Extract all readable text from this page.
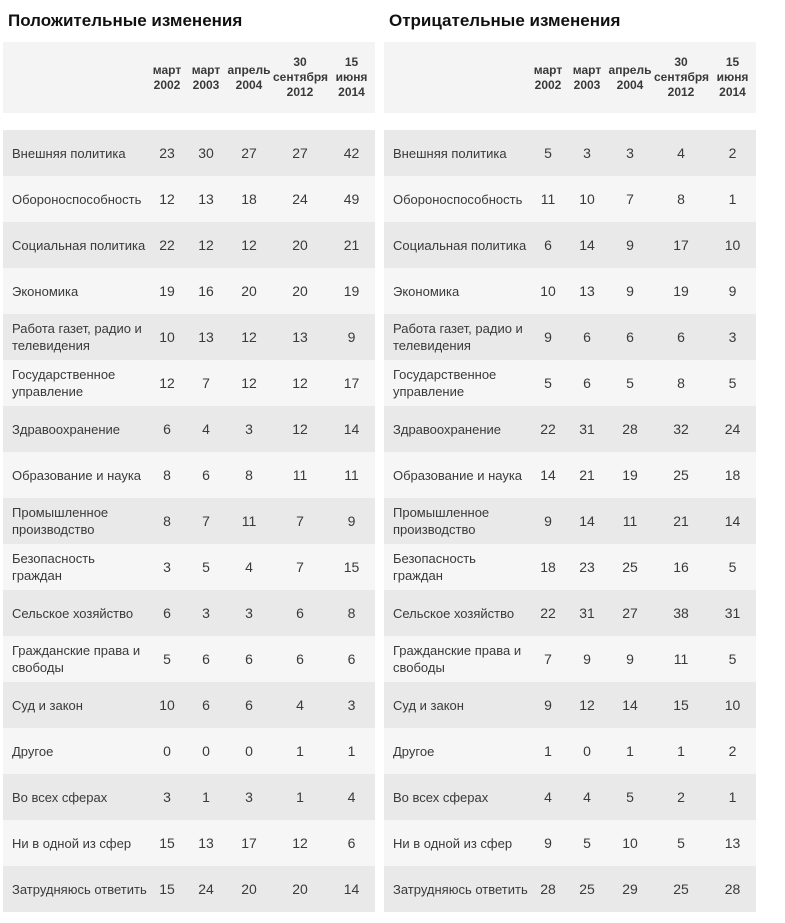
Положительные изменения
	март 2002	март 2003	апрель 2004	30 сентября 2012	15 июня 2014
Внешняя политика	23	30	27	27	42
Обороноспособность	12	13	18	24	49
Социальная политика	22	12	12	20	21
Экономика	19	16	20	20	19
Работа газет, радио и телевидения	10	13	12	13	9
Государственное управление	12	7	12	12	17
Здравоохранение	6	4	3	12	14
Образование и наука	8	6	8	11	11
Промышленное производство	8	7	11	7	9
Безопасность граждан	3	5	4	7	15
Сельское хозяйство	6	3	3	6	8
Гражданские права и свободы	5	6	6	6	6
Суд и закон	10	6	6	4	3
Другое	0	0	0	1	1
Во всех сферах	3	1	3	1	4
Ни в одной из сфер	15	13	17	12	6
Затрудняюсь ответить	15	24	20	20	14
Отрицательные изменения
	март 2002	март 2003	апрель 2004	30 сентября 2012	15 июня 2014
Внешняя политика	5	3	3	4	2
Обороноспособность	11	10	7	8	1
Социальная политика	6	14	9	17	10
Экономика	10	13	9	19	9
Работа газет, радио и телевидения	9	6	6	6	3
Государственное управление	5	6	5	8	5
Здравоохранение	22	31	28	32	24
Образование и наука	14	21	19	25	18
Промышленное производство	9	14	11	21	14
Безопасность граждан	18	23	25	16	5
Сельское хозяйство	22	31	27	38	31
Гражданские права и свободы	7	9	9	11	5
Суд и закон	9	12	14	15	10
Другое	1	0	1	1	2
Во всех сферах	4	4	5	2	1
Ни в одной из сфер	9	5	10	5	13
Затрудняюсь ответить	28	25	29	25	28
